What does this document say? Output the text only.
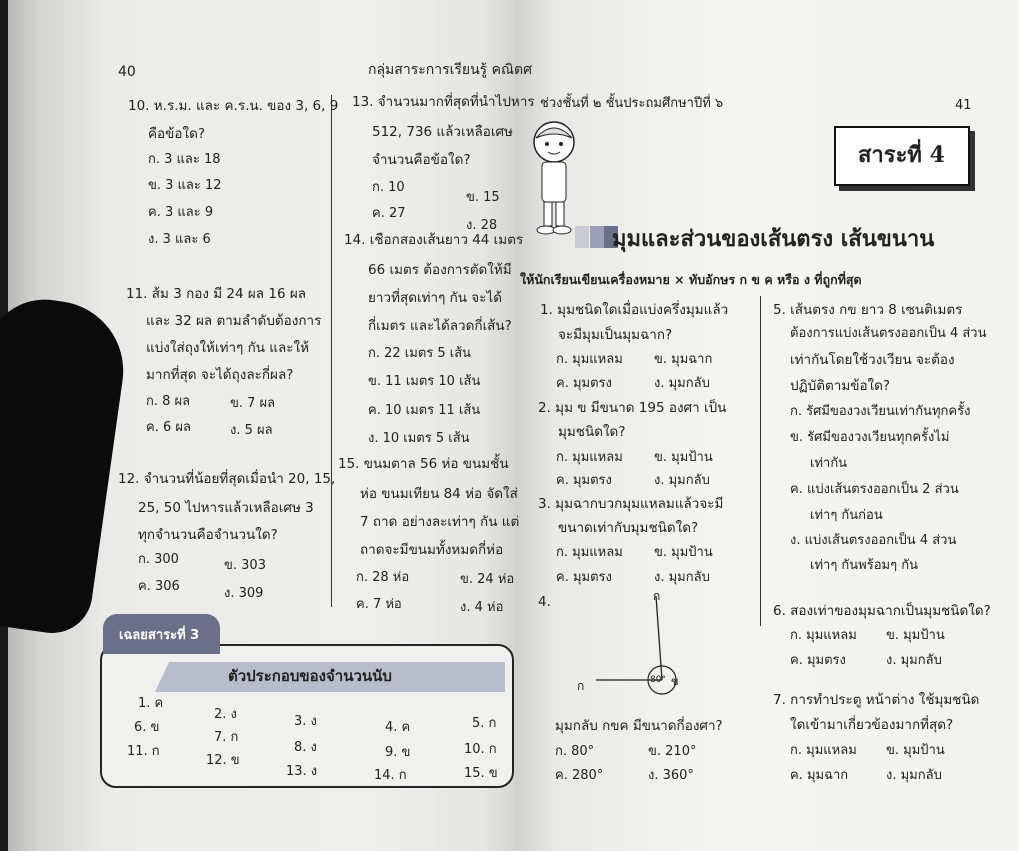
40	กลุ่มสาระการเรียนรู้ คณิตศ
10. ห.ร.ม. และ ค.ร.น. ของ 3, 6, 9
คือข้อใด?
ก. 3 และ 18
ข. 3 และ 12
ค. 3 และ 9
ง. 3 และ 6
11. ส้ม 3 กอง มี 24 ผล 16 ผล
และ 32 ผล ตามลำดับต้องการ
แบ่งใส่ถุงให้เท่าๆ กัน และให้
มากที่สุด จะได้ถุงละกี่ผล?
ก. 8 ผล	ข. 7 ผล
ค. 6 ผล	ง. 5 ผล
12. จำนวนที่น้อยที่สุดเมื่อนำ 20, 15,
25, 50 ไปหารแล้วเหลือเศษ 3
ทุกจำนวนคือจำนวนใด?
ก. 300	ข. 303
ค. 306	ง. 309
13. จำนวนมากที่สุดที่นำไปหาร
512, 736 แล้วเหลือเศษ
จำนวนคือข้อใด?
ก. 10
ข. 15
ค. 27
ง. 28
14. เชือกสองเส้นยาว 44 เมตร
66 เมตร ต้องการตัดให้มี
ยาวที่สุดเท่าๆ กัน จะได้
กี่เมตร และได้ลวดกี่เส้น?
ก. 22 เมตร 5 เส้น
ข. 11 เมตร 10 เส้น
ค. 10 เมตร 11 เส้น
ง. 10 เมตร 5 เส้น
15. ขนมตาล 56 ห่อ ขนมชั้น
ห่อ ขนมเทียน 84 ห่อ จัดใส่
7 ถาด อย่างละเท่าๆ กัน แต่
ถาดจะมีขนมทั้งหมดกี่ห่อ
ก. 28 ห่อ	ข. 24 ห่อ
ค. 7 ห่อ	ง. 4 ห่อ
เฉลยสาระที่ 3
ตัวประกอบของจำนวนนับ
1. ค
6. ข
11. ก
2. ง
7. ก
12. ข
3. ง
8. ง
13. ง
4. ค
9. ข
14. ก
5. ก
10. ก
15. ข
ช่วงชั้นที่ ๒ ชั้นประถมศึกษาปีที่ ๖	41
สาระที่ 4
มุมและส่วนของเส้นตรง เส้นขนาน
ให้นักเรียนเขียนเครื่องหมาย × ทับอักษร ก ข ค หรือ ง ที่ถูกที่สุด
1. มุมชนิดใดเมื่อแบ่งครึ่งมุมแล้ว
จะมีมุมเป็นมุมฉาก?
ก. มุมแหลม ข. มุมฉาก
ค. มุมตรง	ง. มุมกลับ
2. มุม ข มีขนาด 195 องศา เป็น
มุมชนิดใด?
ก. มุมแหลม ข. มุมป้าน
ค. มุมตรง	ง. มุมกลับ
3. มุมฉากบวกมุมแหลมแล้วจะมี
ขนาดเท่ากับมุมชนิดใด?
ก. มุมแหลม ข. มุมป้าน
ค. มุมตรง	ง. มุมกลับ
4.	ก
ก	ข
80°
มุมกลับ กขค มีขนาดกี่องศา?
ก. 80°	ข. 210°
ค. 280°	ง. 360°
5. เส้นตรง กข ยาว 8 เซนติเมตร
ต้องการแบ่งเส้นตรงออกเป็น 4 ส่วน
เท่ากันโดยใช้วงเวียน จะต้อง
ปฏิบัติตามข้อใด?
ก. รัศมีของวงเวียนเท่ากันทุกครั้ง
ข. รัศมีของวงเวียนทุกครั้งไม่
เท่ากัน
ค. แบ่งเส้นตรงออกเป็น 2 ส่วน
เท่าๆ กันก่อน
ง. แบ่งเส้นตรงออกเป็น 4 ส่วน
เท่าๆ กันพร้อมๆ กัน
6. สองเท่าของมุมฉากเป็นมุมชนิดใด?
ก. มุมแหลม ข. มุมป้าน
ค. มุมตรง	ง. มุมกลับ
7. การทำประตู หน้าต่าง ใช้มุมชนิด
ใดเข้ามาเกี่ยวข้องมากที่สุด?
ก. มุมแหลม ข. มุมป้าน
ค. มุมฉาก	ง. มุมกลับ
